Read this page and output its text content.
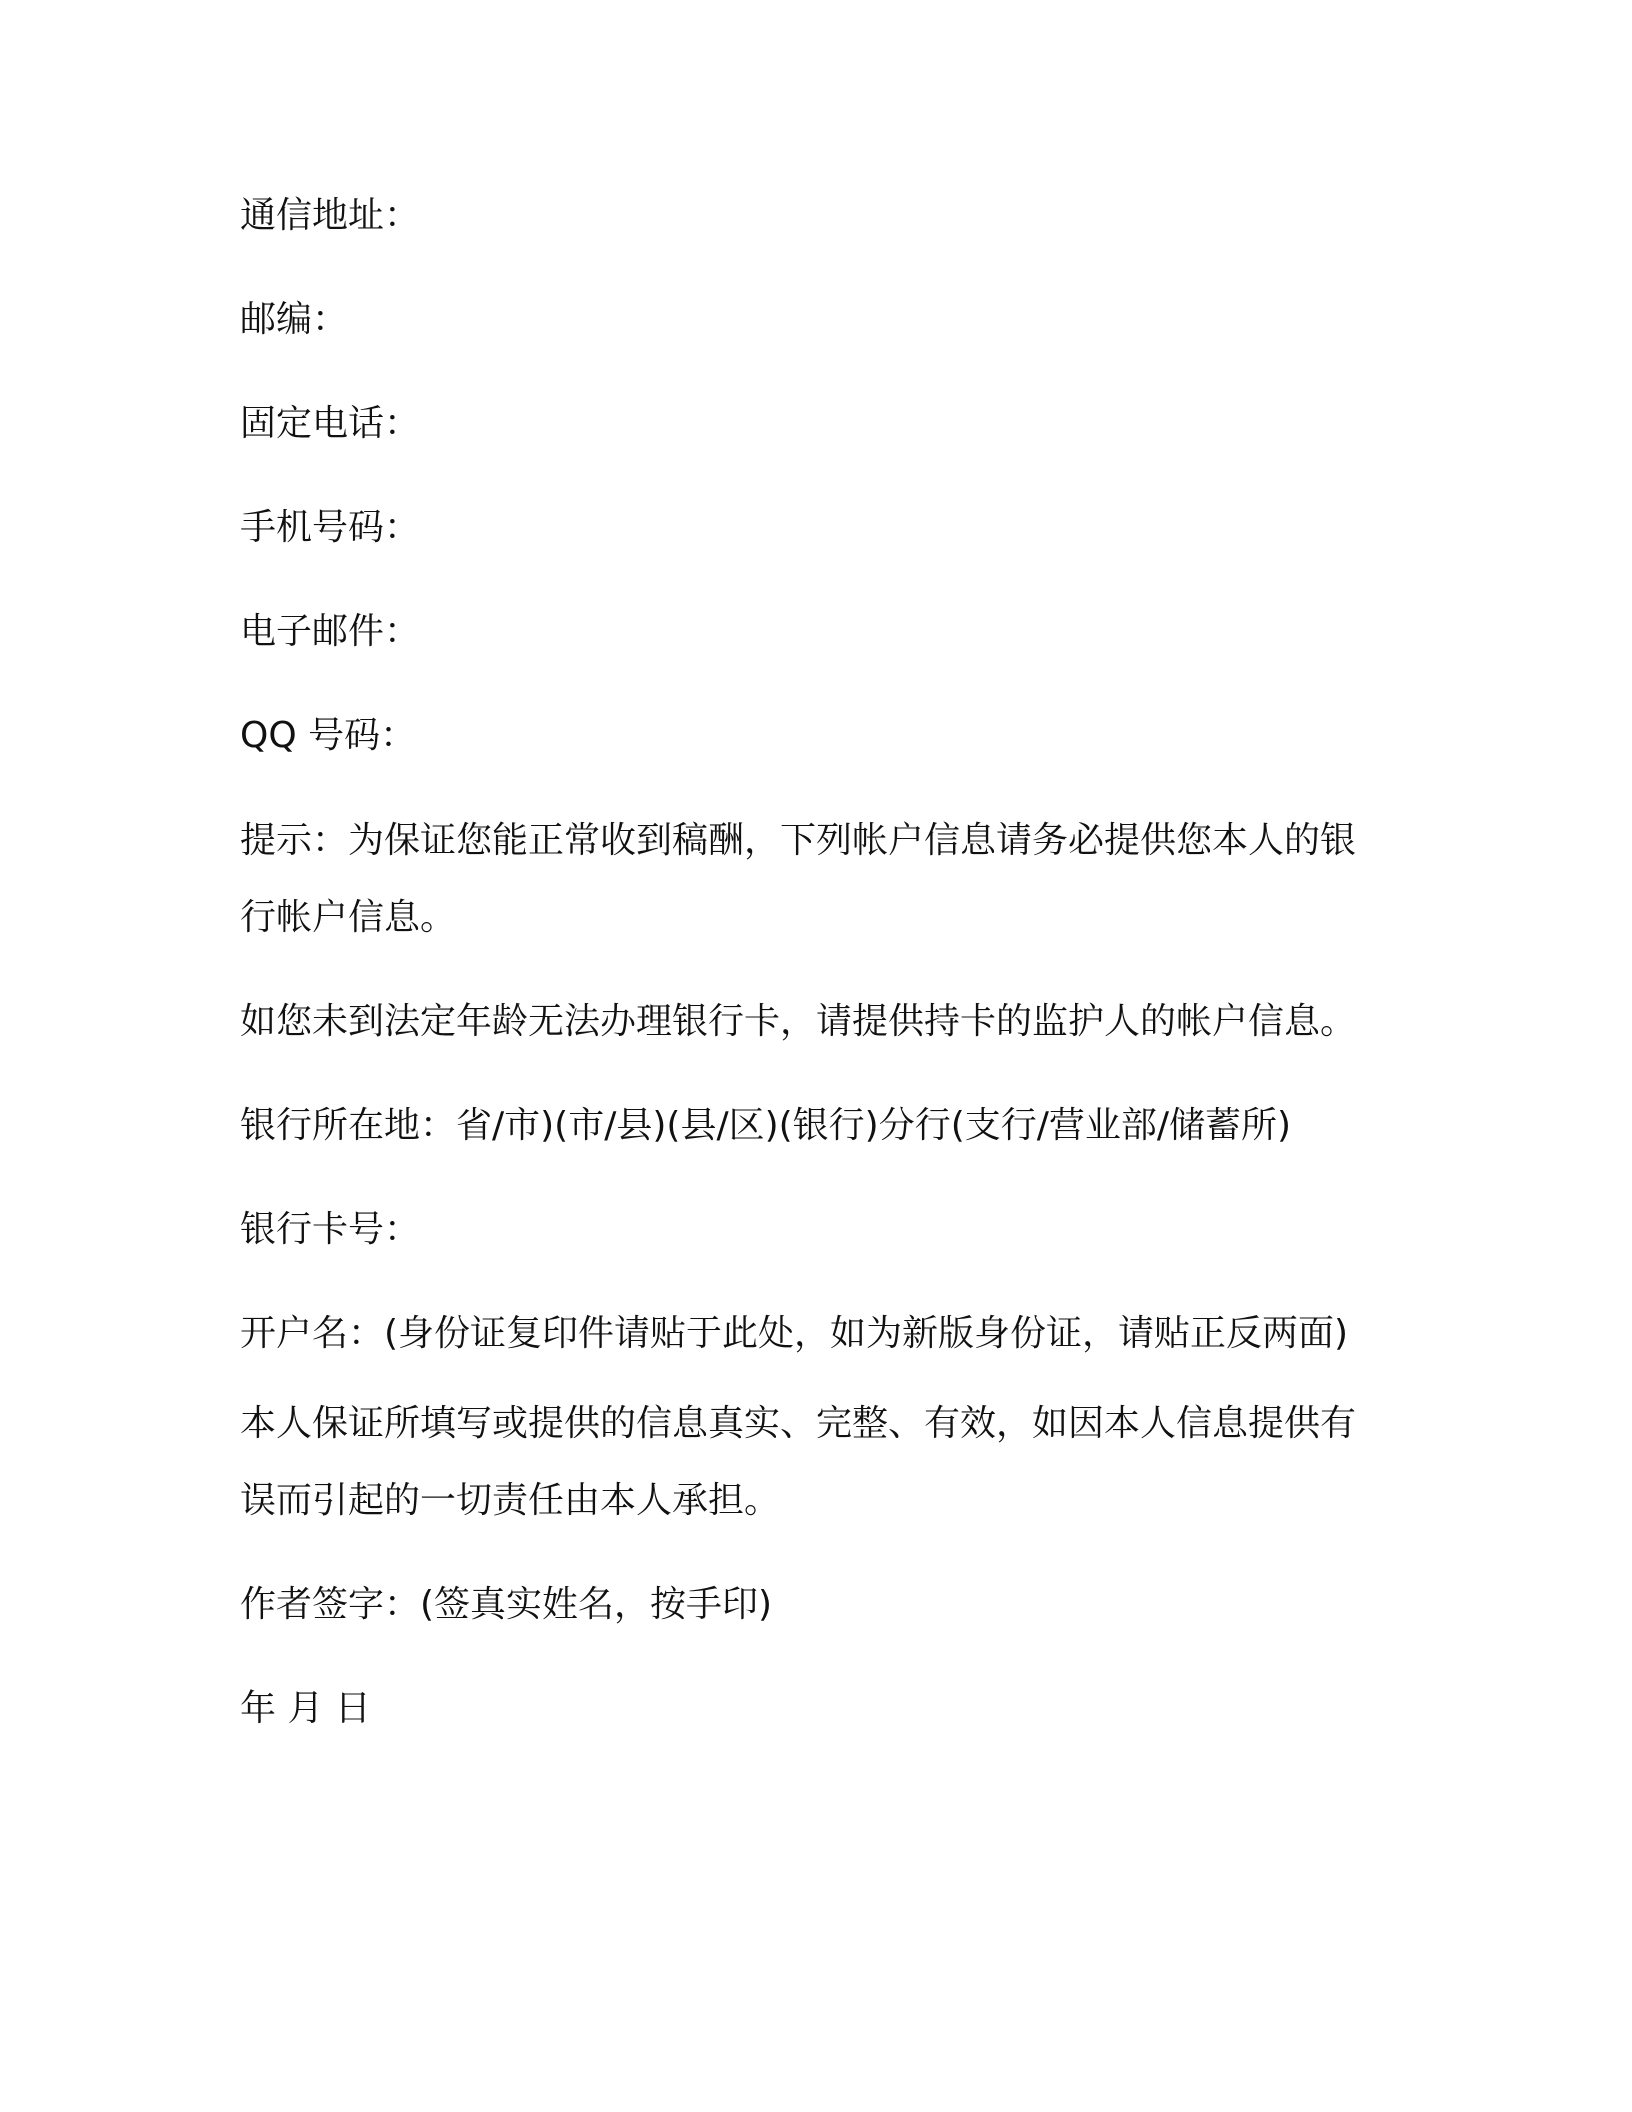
通信地址：
邮编：
固定电话：
手机号码：
电子邮件：
QQ 号码：
提示：为保证您能正常收到稿酬，下列帐户信息请务必提供您本人的银行帐户信息。
如您未到法定年龄无法办理银行卡，请提供持卡的监护人的帐户信息。
银行所在地：省/市)(市/县)(县/区)(银行)分行(支行/营业部/储蓄所)
银行卡号：
开户名：(身份证复印件请贴于此处，如为新版身份证，请贴正反两面)
本人保证所填写或提供的信息真实、完整、有效，如因本人信息提供有误而引起的一切责任由本人承担。
作者签字：(签真实姓名，按手印)
年 月 日
